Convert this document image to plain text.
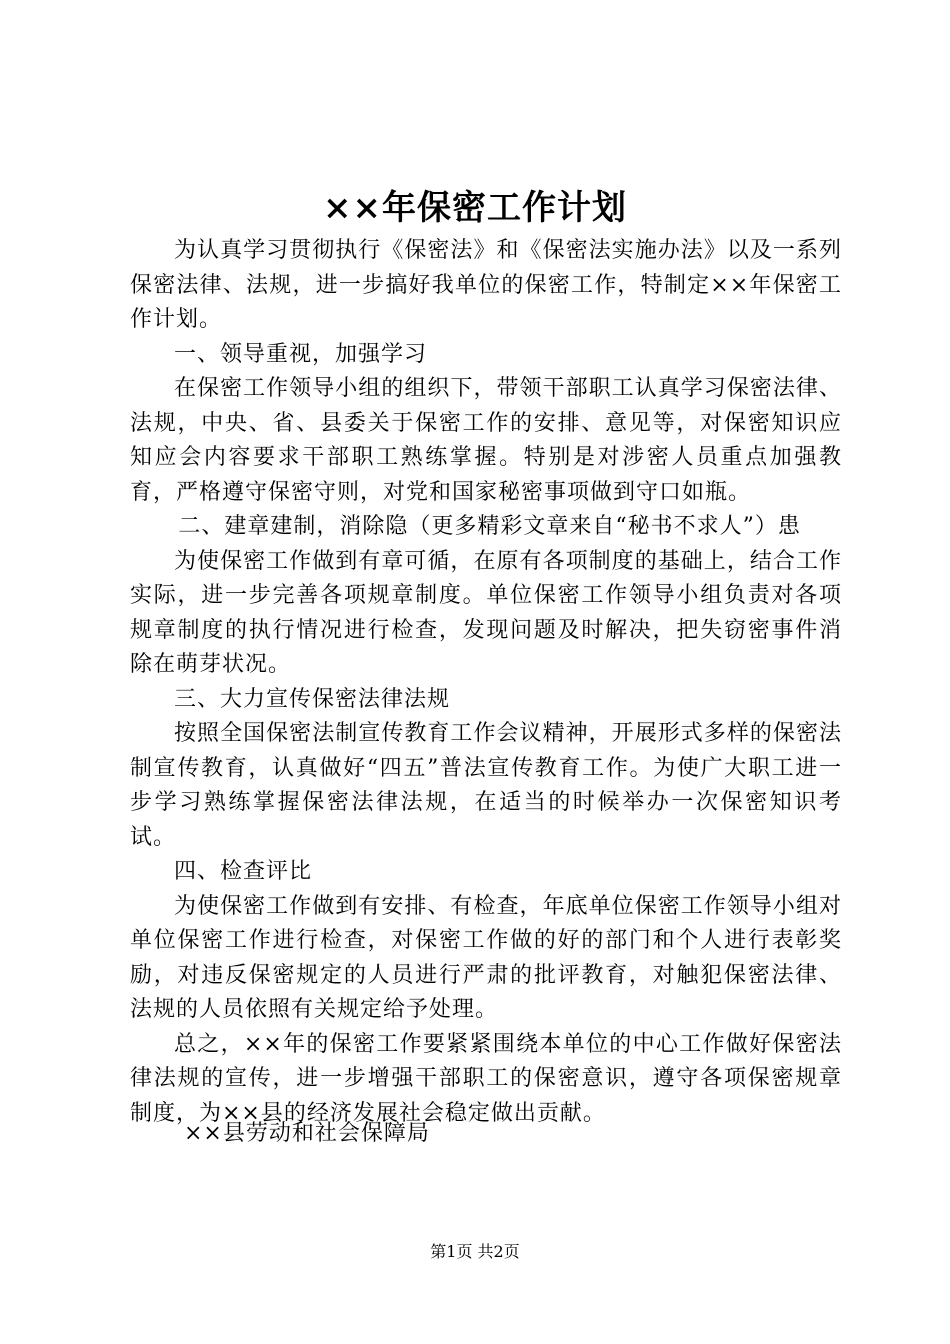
××年保密工作计划

为认真学习贯彻执行《保密法》和《保密法实施办法》以及一系列保密法律、法规，进一步搞好我单位的保密工作，特制定××年保密工作计划。

一、领导重视，加强学习

在保密工作领导小组的组织下，带领干部职工认真学习保密法律、法规，中央、省、县委关于保密工作的安排、意见等，对保密知识应知应会内容要求干部职工熟练掌握。特别是对涉密人员重点加强教育，严格遵守保密守则，对党和国家秘密事项做到守口如瓶。

二、建章建制，消除隐（更多精彩文章来自“秘书不求人”）患

为使保密工作做到有章可循，在原有各项制度的基础上，结合工作实际，进一步完善各项规章制度。单位保密工作领导小组负责对各项规章制度的执行情况进行检查，发现问题及时解决，把失窃密事件消除在萌芽状况。

三、大力宣传保密法律法规

按照全国保密法制宣传教育工作会议精神，开展形式多样的保密法制宣传教育，认真做好“四五”普法宣传教育工作。为使广大职工进一步学习熟练掌握保密法律法规，在适当的时候举办一次保密知识考试。

四、检查评比

为使保密工作做到有安排、有检查，年底单位保密工作领导小组对单位保密工作进行检查，对保密工作做的好的部门和个人进行表彰奖励，对违反保密规定的人员进行严肃的批评教育，对触犯保密法律、法规的人员依照有关规定给予处理。

总之，××年的保密工作要紧紧围绕本单位的中心工作做好保密法律法规的宣传，进一步增强干部职工的保密意识，遵守各项保密规章制度，为××县的经济发展社会稳定做出贡献。

××县劳动和社会保障局
第1页 共2页
